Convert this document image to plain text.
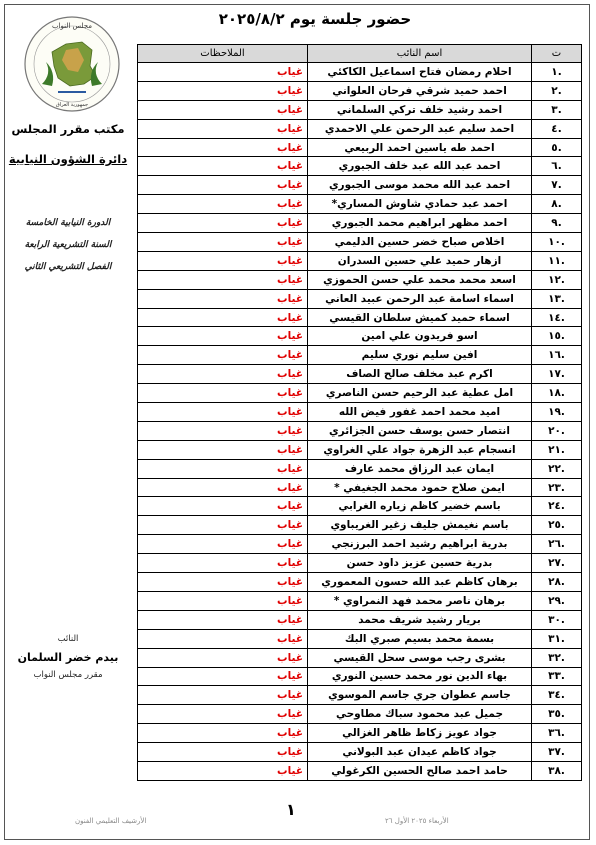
حضور جلسة يوم ٢٠٢٥/٨/٢
مجلس النواب
جمهورية العراق
مكتب مقرر المجلس
دائرة الشؤون النيابية
الدورة النيابية الخامسة
السنة التشريعية الرابعة
الفصل التشريعي الثاني
النائب
بيدم خضر السلمان
مقرر مجلس النواب
ت	اسم النائب	الملاحظات
.١	احلام رمضان فتاح اسماعيل الكاكئي	غياب
.٢	احمد حميد شرقي فرحان العلواني	غياب
.٣	احمد رشيد خلف تركي السلماني	غياب
.٤	احمد سليم عبد الرحمن علي الاحمدي	غياب
.٥	احمد طه ياسين احمد الربيعي	غياب
.٦	احمد عبد الله عبد خلف الجبوري	غياب
.٧	احمد عبد الله محمد موسى الجبوري	غياب
.٨	احمد عبد حمادي شاوش المساري*	غياب
.٩	احمد مظهر ابراهيم محمد الجبوري	غياب
.١٠	اخلاص صباح خضر حسين الدليمي	غياب
.١١	ازهار حميد علي حسين السدران	غياب
.١٢	اسعد محمد محمد علي حسن الحموزي	غياب
.١٣	اسماء اسامة عبد الرحمن عبيد العاني	غياب
.١٤	اسماء حميد كميش سلطان القيسي	غياب
.١٥	اسو فريدون علي امين	غياب
.١٦	افين سليم نوري سليم	غياب
.١٧	اكرم عبد مخلف صالح الصاف	غياب
.١٨	امل عطية عبد الرحيم حسن الناصري	غياب
.١٩	اميد محمد احمد غفور فيض الله	غياب
.٢٠	انتصار حسن يوسف حسن الجزائري	غياب
.٢١	انسجام عبد الزهرة جواد علي الغراوي	غياب
.٢٢	ايمان عبد الرزاق محمد عارف	غياب
.٢٣	ايمن صلاح حمود محمد الجغيفي *	غياب
.٢٤	باسم خضير كاظم زياره الغرابي	غياب
.٢٥	باسم نغيمش جليف زغير الغريباوي	غياب
.٢٦	بدرية ابراهيم رشيد احمد البرزنجي	غياب
.٢٧	بدرية حسين عزيز داود حسن	غياب
.٢٨	برهان كاظم عبد الله حسون المعموري	غياب
.٢٩	برهان ناصر محمد فهد النمراوي *	غياب
.٣٠	بريار رشيد شريف محمد	غياب
.٣١	بسمة محمد بسيم صبري البك	غياب
.٣٢	بشرى رجب موسى سحل القيسي	غياب
.٣٣	بهاء الدين نور محمد حسين النوري	غياب
.٣٤	جاسم عطوان جري جاسم الموسوي	غياب
.٣٥	جميل عبد محمود سباك مطاوحي	غياب
.٣٦	جواد عويز زكاط ظاهر الغزالي	غياب
.٣٧	جواد كاظم عيدان عبد البولاني	غياب
.٣٨	حامد احمد صالح الحسين الكرغولي	غياب
١
الأربعاء ٢٠٢٥ الأول ٢٦
الأرشيف التعليمي الفنون
